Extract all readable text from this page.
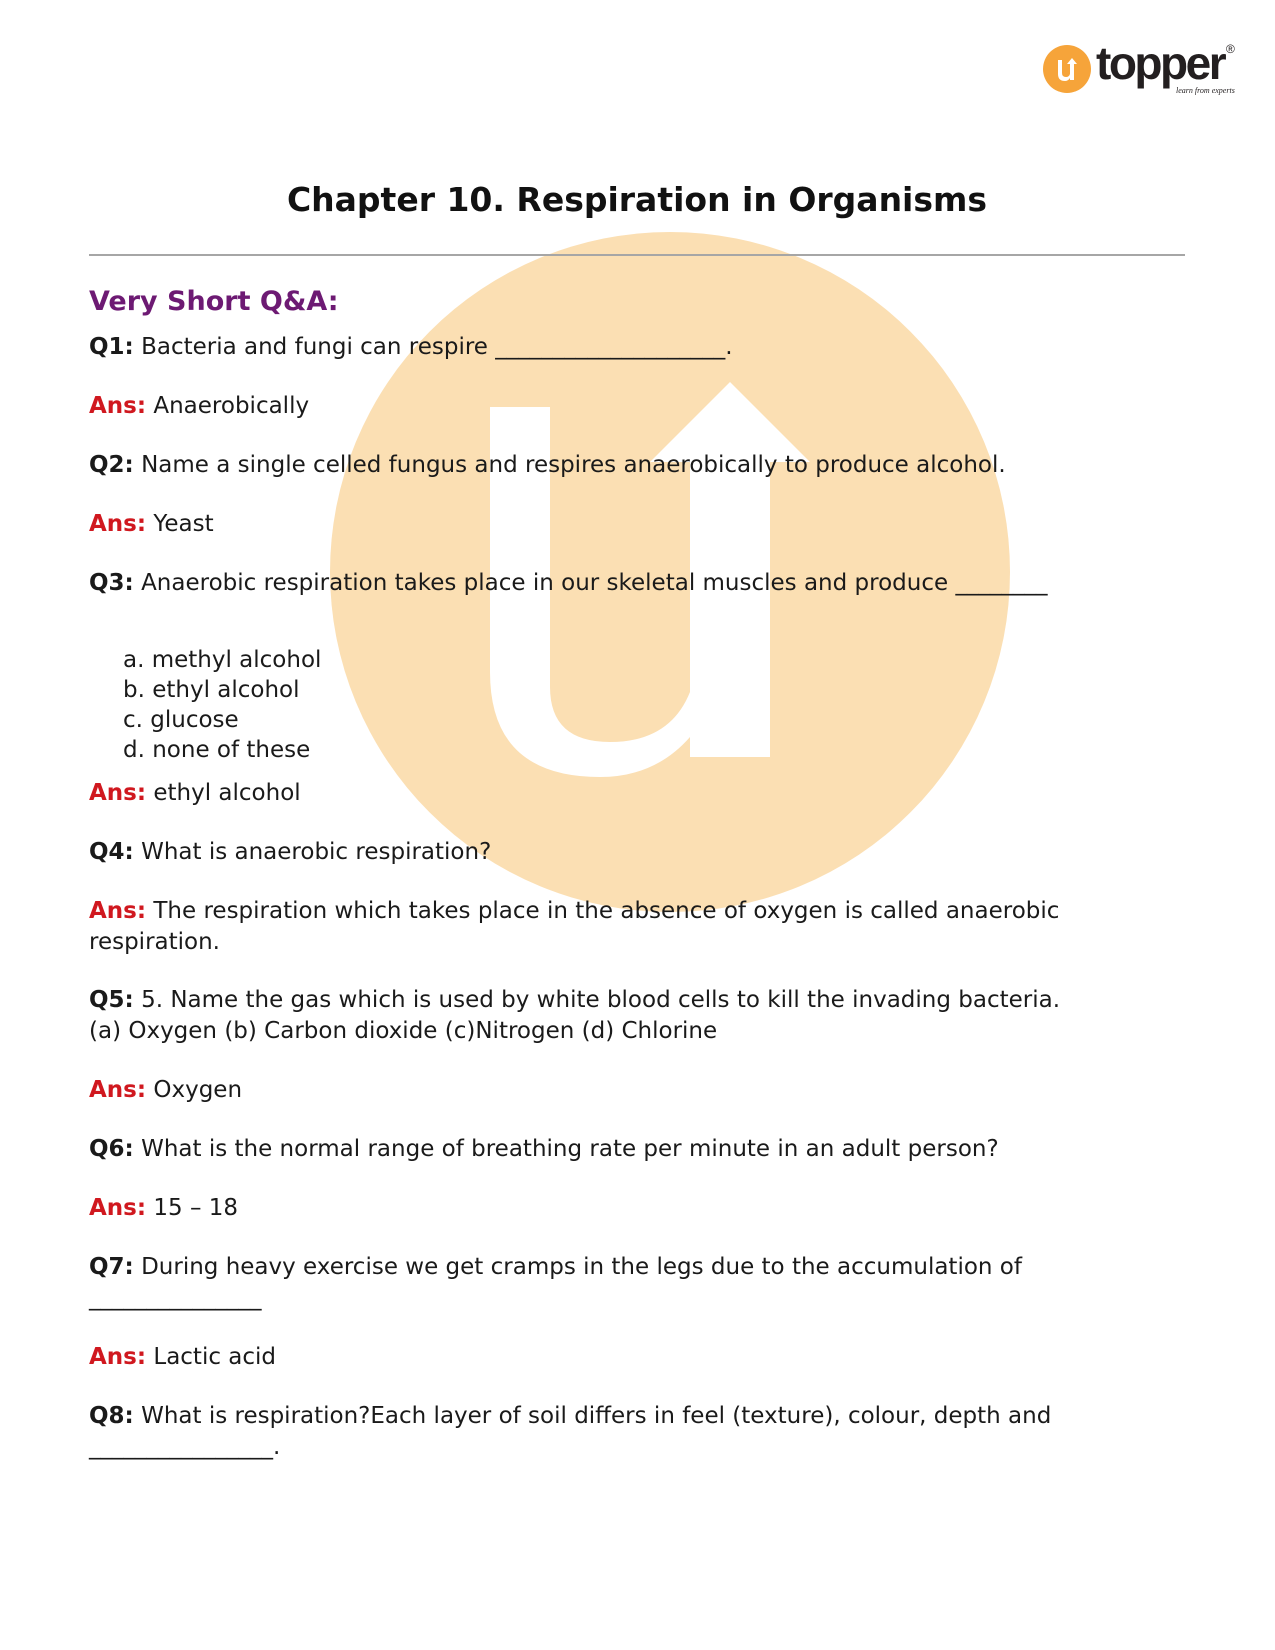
topper ®
learn from experts
Chapter 10. Respiration in Organisms
Very Short Q&A:

Q1: Bacteria and fungi can respire ____________________.

Ans: Anaerobically

Q2: Name a single celled fungus and respires anaerobically to produce alcohol.

Ans: Yeast

Q3: Anaerobic respiration takes place in our skeletal muscles and produce ________

a. methyl alcohol
b. ethyl alcohol
c. glucose
d. none of these

Ans: ethyl alcohol

Q4: What is anaerobic respiration?

Ans: The respiration which takes place in the absence of oxygen is called anaerobic respiration.

Q5: 5. Name the gas which is used by white blood cells to kill the invading bacteria. (a) Oxygen (b) Carbon dioxide (c)Nitrogen (d) Chlorine

Ans: Oxygen

Q6: What is the normal range of breathing rate per minute in an adult person?

Ans: 15 – 18

Q7: During heavy exercise we get cramps in the legs due to the accumulation of _______________

Ans: Lactic acid

Q8: What is respiration?Each layer of soil differs in feel (texture), colour, depth and ________________.
